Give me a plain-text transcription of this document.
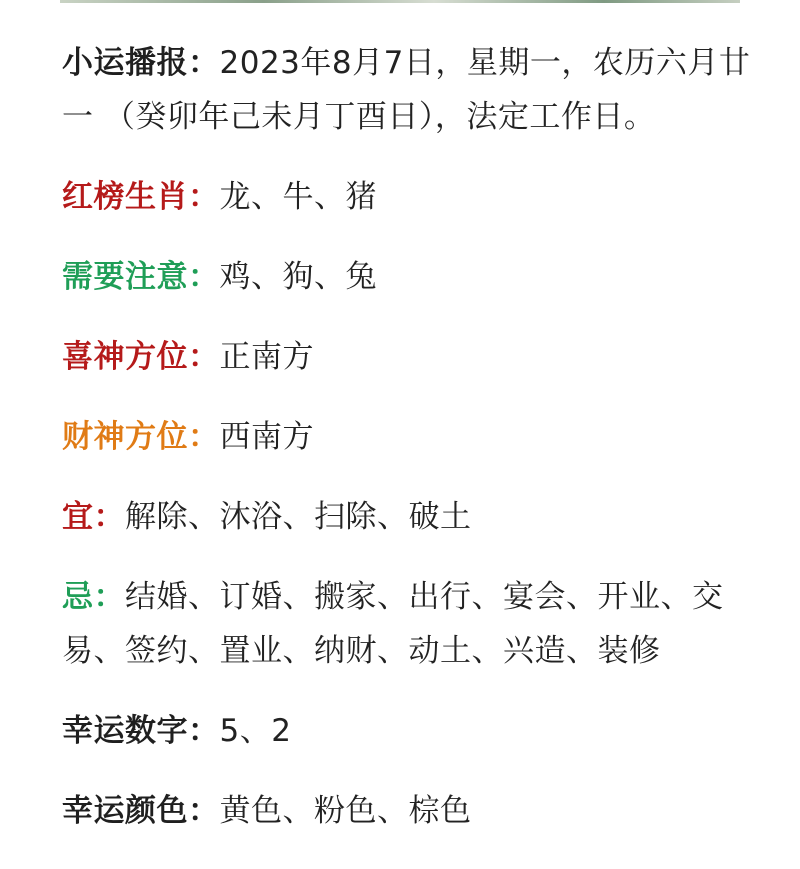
小运播报：2023年8月7日，星期一，农历六月廿一 （癸卯年己未月丁酉日），法定工作日。

红榜生肖：龙、牛、猪

需要注意：鸡、狗、兔

喜神方位：正南方

财神方位：西南方

宜：解除、沐浴、扫除、破土

忌：结婚、订婚、搬家、出行、宴会、开业、交易、签约、置业、纳财、动土、兴造、装修

幸运数字：5、2

幸运颜色：黄色、粉色、棕色
